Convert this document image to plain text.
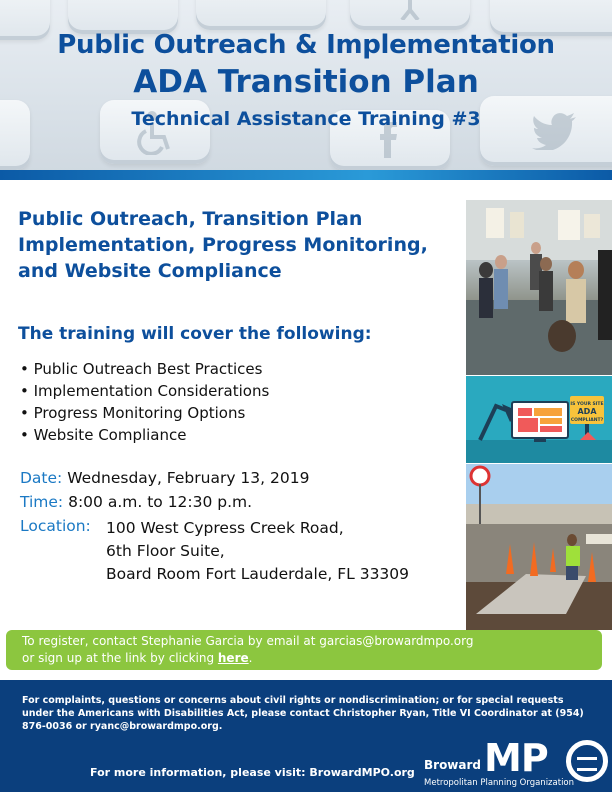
Public Outreach & Implementation
ADA Transition Plan
Technical Assistance Training #3
Public Outreach, Transition Plan Implementation, Progress Monitoring, and Website Compliance
The training will cover the following:
• Public Outreach Best Practices
• Implementation Considerations
• Progress Monitoring Options
• Website Compliance
Date: Wednesday, February 13, 2019
Time: 8:00 a.m. to 12:30 p.m.
Location: 100 West Cypress Creek Road,
6th Floor Suite,
Board Room Fort Lauderdale, FL 33309
IS YOUR SITE
ADA
COMPLIANT?
To register, contact Stephanie Garcia by email at garcias@browardmpo.org
or sign up at the link by clicking here.
For complaints, questions or concerns about civil rights or nondiscrimination; or for special requests under the Americans with Disabilities Act, please contact Christopher Ryan, Title VI Coordinator at (954) 876-0036 or ryanc@browardmpo.org.
For more information, please visit: BrowardMPO.org
Broward MP
Metropolitan Planning Organization
